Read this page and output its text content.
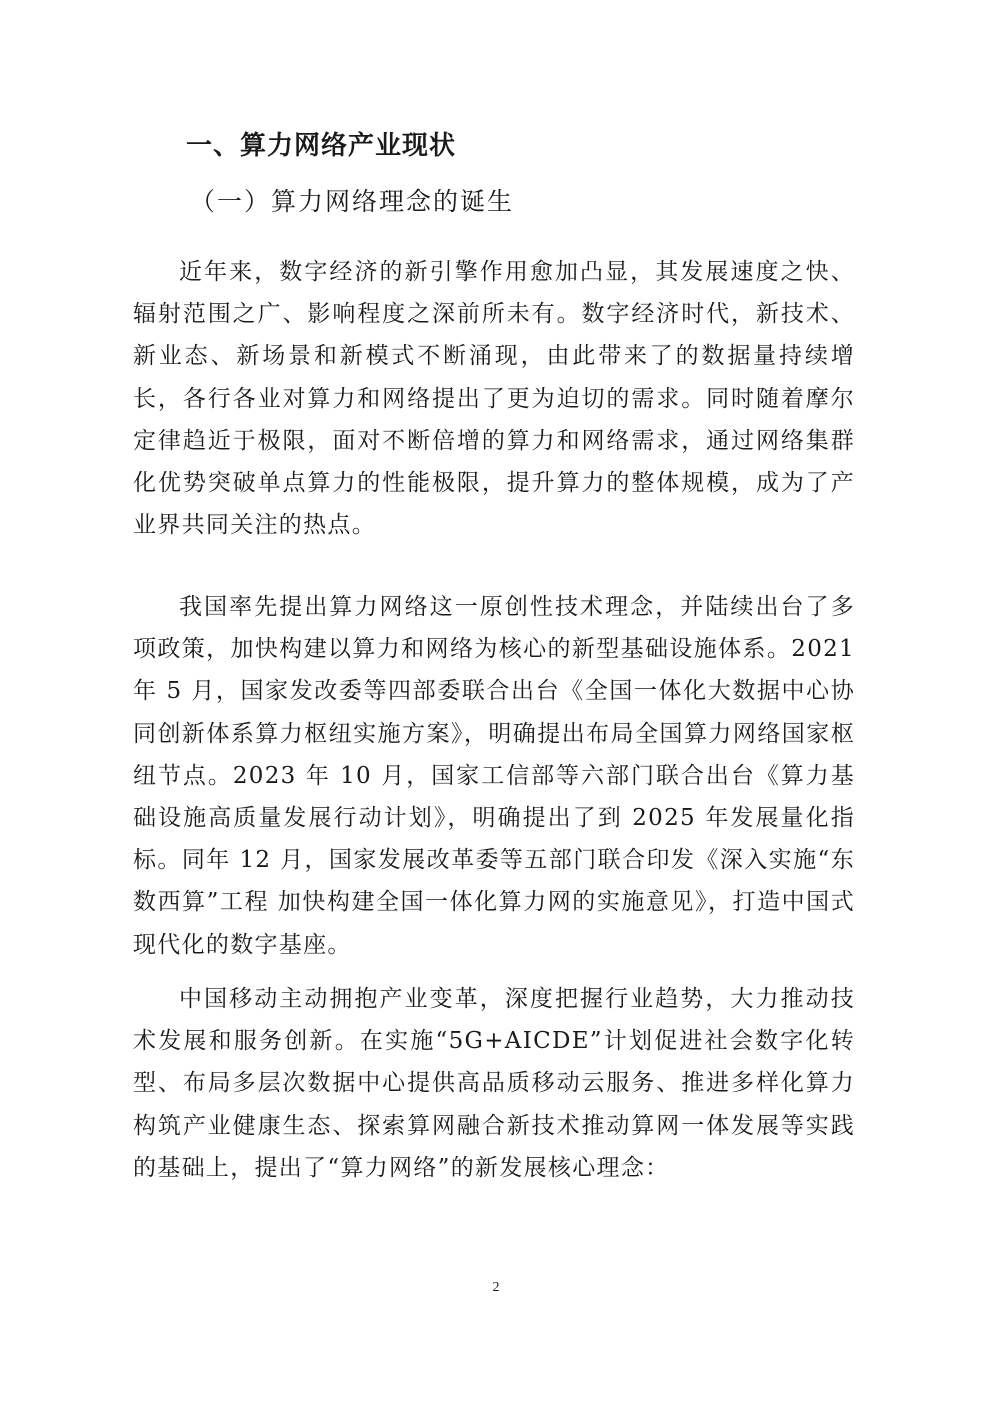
一、算力网络产业现状
（一）算力网络理念的诞生

近年来，数字经济的新引擎作用愈加凸显，其发展速度之快、辐射范围之广、影响程度之深前所未有。数字经济时代，新技术、新业态、新场景和新模式不断涌现，由此带来了的数据量持续增长，各行各业对算力和网络提出了更为迫切的需求。同时随着摩尔定律趋近于极限，面对不断倍增的算力和网络需求，通过网络集群化优势突破单点算力的性能极限，提升算力的整体规模，成为了产业界共同关注的热点。

我国率先提出算力网络这一原创性技术理念，并陆续出台了多项政策，加快构建以算力和网络为核心的新型基础设施体系。2021 年 5 月，国家发改委等四部委联合出台《全国一体化大数据中心协同创新体系算力枢纽实施方案》，明确提出布局全国算力网络国家枢纽节点。2023 年 10 月，国家工信部等六部门联合出台《算力基础设施高质量发展行动计划》，明确提出了到 2025 年发展量化指标。同年 12 月，国家发展改革委等五部门联合印发《深入实施“东数西算”工程 加快构建全国一体化算力网的实施意见》，打造中国式现代化的数字基座。

中国移动主动拥抱产业变革，深度把握行业趋势，大力推动技术发展和服务创新。在实施“5G+AICDE”计划促进社会数字化转型、布局多层次数据中心提供高品质移动云服务、推进多样化算力构筑产业健康生态、探索算网融合新技术推动算网一体发展等实践的基础上，提出了“算力网络”的新发展核心理念：

2
